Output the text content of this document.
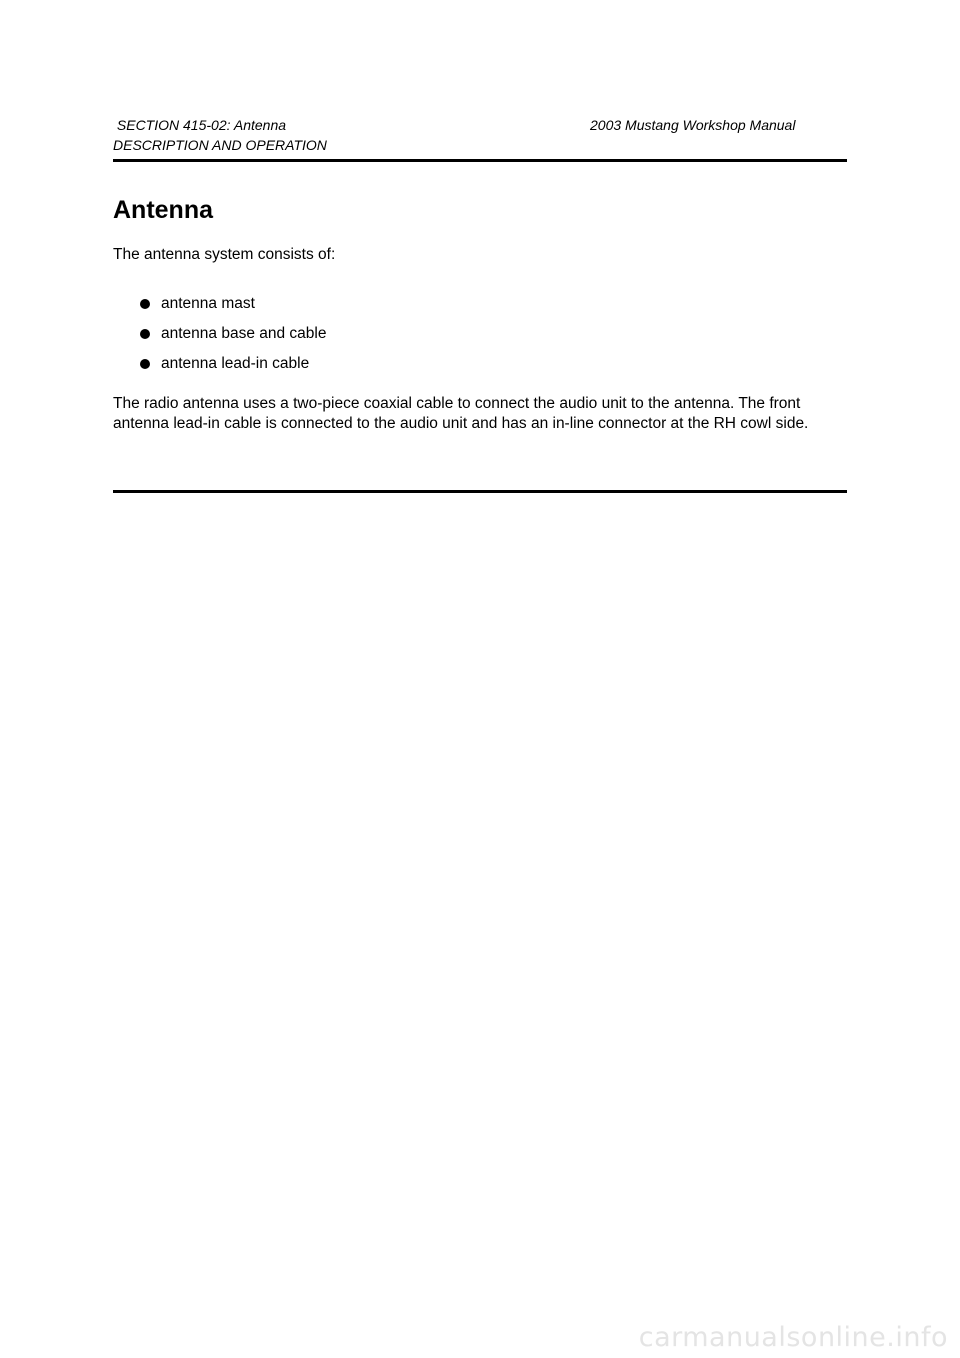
SECTION 415-02: Antenna
DESCRIPTION AND OPERATION
2003 Mustang Workshop Manual
Antenna

The antenna system consists of:

antenna mast
antenna base and cable
antenna lead-in cable

The radio antenna uses a two-piece coaxial cable to connect the audio unit to the antenna. The front antenna lead-in cable is connected to the audio unit and has an in-line connector at the RH cowl side.

carmanualsonline.info
